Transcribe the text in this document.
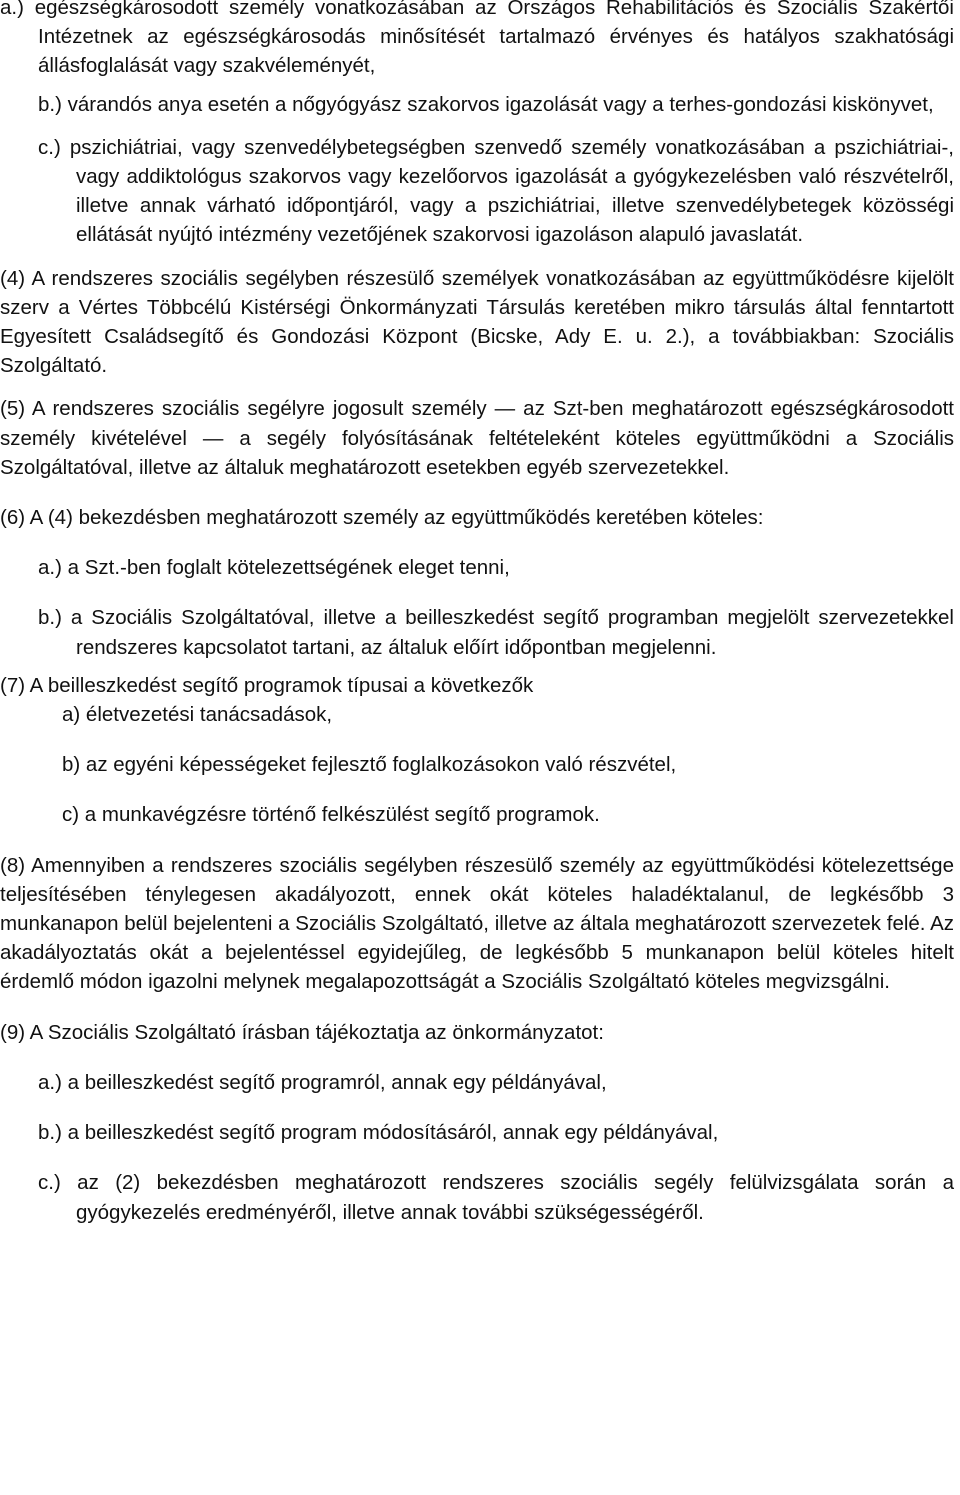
a.) egészségkárosodott személy vonatkozásában az Országos Rehabilitációs és Szociális Szakértői Intézetnek az egészségkárosodás minősítését tartalmazó érvényes és hatályos szakhatósági állásfoglalását vagy szakvéleményét,

b.) várandós anya esetén a nőgyógyász szakorvos igazolását vagy a terhes-gondozási kiskönyvet,

c.) pszichiátriai, vagy szenvedélybetegségben szenvedő személy vonatkozásában a pszichiátriai-, vagy addiktológus szakorvos vagy kezelőorvos igazolását a gyógykezelésben való részvételről, illetve annak várható időpontjáról, vagy a pszichiátriai, illetve szenvedélybetegek közösségi ellátását nyújtó intézmény vezetőjének szakorvosi igazoláson alapuló javaslatát.

(4) A rendszeres szociális segélyben részesülő személyek vonatkozásában az együttműködésre kijelölt szerv a Vértes Többcélú Kistérségi Önkormányzati Társulás keretében mikro társulás által fenntartott Egyesített Családsegítő és Gondozási Központ (Bicske, Ady E. u. 2.), a továbbiakban: Szociális Szolgáltató.

(5) A rendszeres szociális segélyre jogosult személy — az Szt-ben meghatározott egészségkárosodott személy kivételével — a segély folyósításának feltételeként köteles együttműködni a Szociális Szolgáltatóval, illetve az általuk meghatározott esetekben egyéb szervezetekkel.

(6) A (4) bekezdésben meghatározott személy az együttműködés keretében köteles:

a.) a Szt.-ben foglalt kötelezettségének eleget tenni,

b.) a Szociális Szolgáltatóval, illetve a beilleszkedést segítő programban megjelölt szervezetekkel rendszeres kapcsolatot tartani, az általuk előírt időpontban megjelenni.

(7) A beilleszkedést segítő programok típusai a következők

a) életvezetési tanácsadások,

b) az egyéni képességeket fejlesztő foglalkozásokon való részvétel,

c) a munkavégzésre történő felkészülést segítő programok.

(8) Amennyiben a rendszeres szociális segélyben részesülő személy az együttműködési kötelezettsége teljesítésében ténylegesen akadályozott, ennek okát köteles haladéktalanul, de legkésőbb 3 munkanapon belül bejelenteni a Szociális Szolgáltató, illetve az általa meghatározott szervezetek felé. Az akadályoztatás okát a bejelentéssel egyidejűleg, de legkésőbb 5 munkanapon belül köteles hitelt érdemlő módon igazolni melynek megalapozottságát a Szociális Szolgáltató köteles megvizsgálni.

(9) A Szociális Szolgáltató írásban tájékoztatja az önkormányzatot:

a.) a beilleszkedést segítő programról, annak egy példányával,

b.) a beilleszkedést segítő program módosításáról, annak egy példányával,

c.) az (2) bekezdésben meghatározott rendszeres szociális segély felülvizsgálata során a gyógykezelés eredményéről, illetve annak további szükségességéről.
